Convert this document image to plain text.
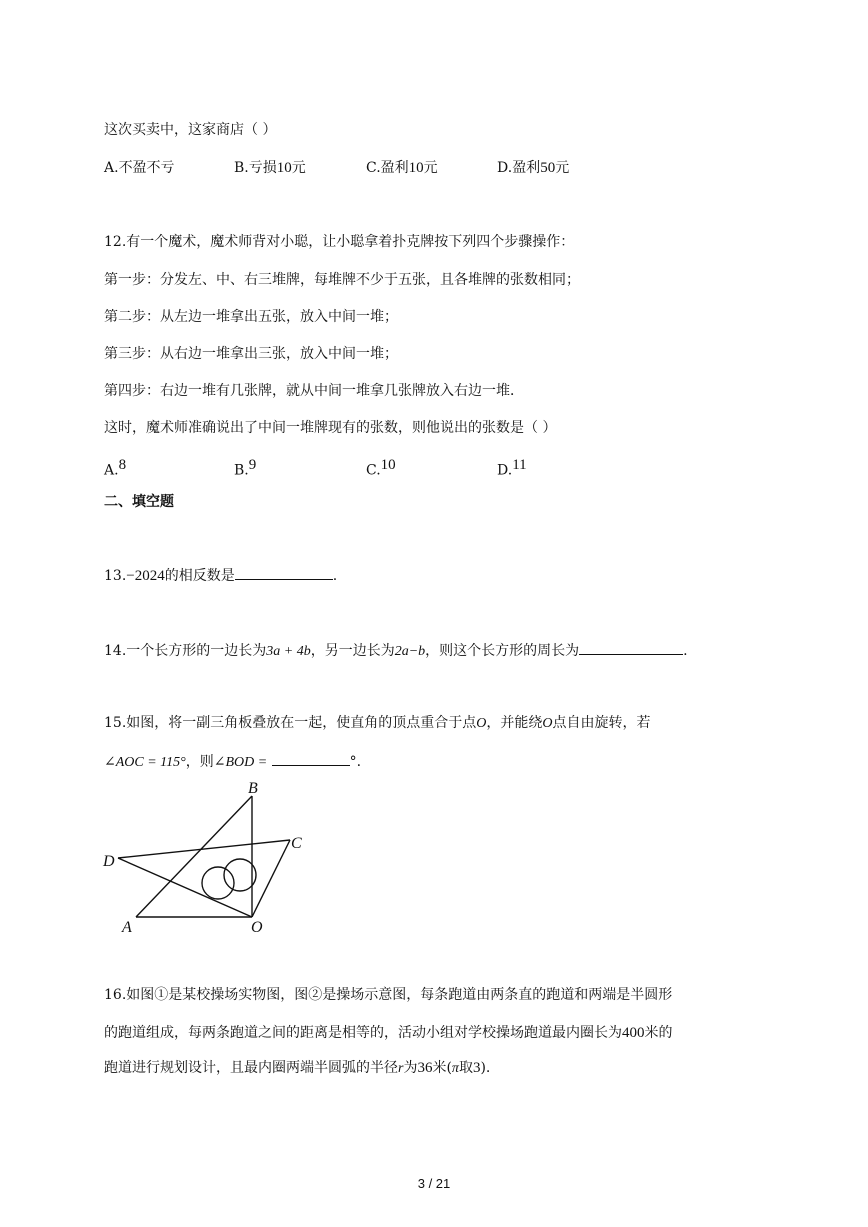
这次买卖中，这家商店（ ）
A.不盈不亏	B.亏损10元	C.盈利10元	D.盈利50元
12.有一个魔术，魔术师背对小聪，让小聪拿着扑克牌按下列四个步骤操作：
第一步：分发左、中、右三堆牌，每堆牌不少于五张，且各堆牌的张数相同；
第二步：从左边一堆拿出五张，放入中间一堆；
第三步：从右边一堆拿出三张，放入中间一堆；
第四步：右边一堆有几张牌，就从中间一堆拿几张牌放入右边一堆．
这时，魔术师准确说出了中间一堆牌现有的张数，则他说出的张数是（ ）
A.$^8$	B.$^9$	C.$^{10}$	D.$^{11}$
二、填空题
13.−2024的相反数是	.
14.一个长方形的一边长为3a + 4b，另一边长为2a−b，则这个长方形的周长为	.
15.如图，将一副三角板叠放在一起，使直角的顶点重合于点O，并能绕O点自由旋转，若
∠AOC = 115°，则∠BOD =	°.
B
C
D
A	O
16.如图①是某校操场实物图，图②是操场示意图，每条跑道由两条直的跑道和两端是半圆形
的跑道组成，每两条跑道之间的距离是相等的，活动小组对学校操场跑道最内圈长为400米的
跑道进行规划设计，且最内圈两端半圆弧的半径r为36米(π取3).
3 / 21
